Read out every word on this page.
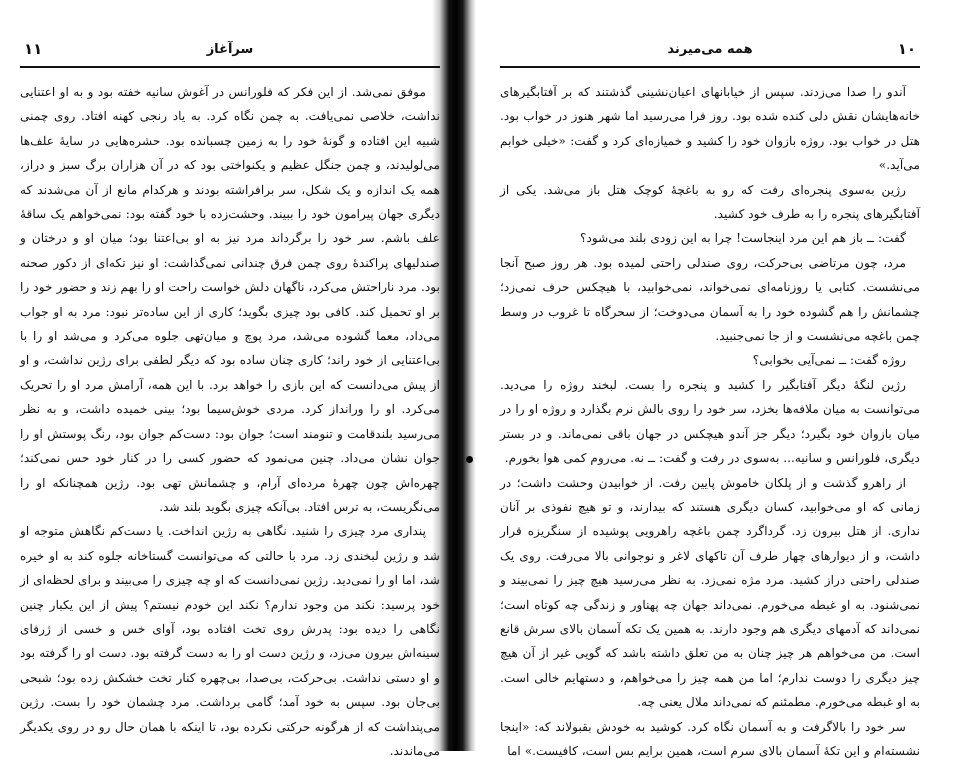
سرآغاز
۱۱

موفق نمی‌شد. از این فکر که فلورانس در آغوش سانیه خفته بود و به او اعتنایی نداشت، خلاصی نمی‌یافت. به چمن نگاه کرد. به یاد رنجی کهنه افتاد. روی چمنی شبیه این افتاده و گونهٔ خود را به زمین چسبانده بود. حشره‌هایی در سایهٔ علف‌ها می‌لولیدند، و چمن جنگل عظیم و یکنواختی بود که در آن هزاران برگ سبز و دراز، همه یک اندازه و یک شکل، سر برافراشته بودند و هرکدام مانع از آن می‌شدند که دیگری جهان پیرامون خود را ببیند. وحشت‌زده با خود گفته بود: نمی‌خواهم یک ساقهٔ علف باشم. سر خود را برگرداند مرد نیز به او بی‌اعتنا بود؛ میان او و درختان و صندلیهای پراکندهٔ روی چمن فرق چندانی نمی‌گذاشت: او نیز تکه‌ای از دکور صحنه بود. مرد ناراحتش می‌کرد، ناگهان دلش خواست راحت او را بهم زند و حضور خود را بر او تحمیل کند. کافی بود چیزی بگوید؛ کاری از این ساده‌تر نبود: مرد به او جواب می‌داد، معما گشوده می‌شد، مرد پوچ و میان‌تهی جلوه می‌کرد و می‌شد او را با بی‌اعتنایی از خود راند؛ کاری چنان ساده بود که دیگر لطفی برای رژین نداشت، و او از پیش می‌دانست که این بازی را خواهد برد. با این همه، آرامش مرد او را تحریک می‌کرد. او را ورانداز کرد. مردی خوش‌سیما بود؛ بینی خمیده داشت، و به نظر می‌رسید بلندقامت و تنومند است؛ جوان بود: دست‌کم جوان بود، رنگ پوستش او را جوان نشان می‌داد. چنین می‌نمود که حضور کسی را در کنار خود حس نمی‌کند؛ چهره‌اش چون چهرهٔ مرده‌ای آرام، و چشمانش تهی بود. رژین همچنانکه او را می‌نگریست، به ترس افتاد. بی‌آنکه چیزی بگوید بلند شد.

پنداری مرد چیزی را شنید. نگاهی به رژین انداخت. یا دست‌کم نگاهش متوجه او شد و رژین لبخندی زد. مرد با حالتی که می‌توانست گستاخانه جلوه کند به او خیره شد، اما او را نمی‌دید. رژین نمی‌دانست که او چه چیزی را می‌بیند و برای لحظه‌ای از خود پرسید: نکند من وجود ندارم؟ نکند این خودم نیستم؟ پیش از این یکبار چنین نگاهی را دیده بود: پدرش روی تخت افتاده بود، آوای خس و خسی از ژرفای سینه‌اش بیرون می‌زد، و رژین دست او را به دست گرفته بود. دست او را گرفته بود و او دستی نداشت. بی‌حرکت، بی‌صدا، بی‌چهره کنار تخت خشکش زده بود؛ شبحی بی‌جان بود. سپس به خود آمد؛ گامی برداشت. مرد چشمان خود را بست. رژین می‌پنداشت که از هرگونه حرکتی نکرده بود، تا اینکه با همان حال رو در روی یکدیگر می‌ماندند.

همه می‌میرند	۱۰

آندو را صدا می‌زدند. سپس از خیابانهای اعیان‌نشینی گذشتند که بر آفتابگیرهای خانه‌هایشان نقش دلی کنده شده بود. روز فرا می‌رسید اما شهر هنوز در خواب بود. هتل در خواب بود. روژه بازوان خود را کشید و خمیازه‌ای کرد و گفت: «خیلی خوابم می‌آید.»

رژین به‌سوی پنجره‌ای رفت که رو به باغچهٔ کوچک هتل باز می‌شد. یکی از آفتابگیرهای پنجره را به طرف خود کشید.

گفت: ــ باز هم این مرد اینجاست! چرا به این زودی بلند می‌شود؟

مرد، چون مرتاضی بی‌حرکت، روی صندلی راحتی لمیده بود. هر روز صبح آنجا می‌نشست. کتابی یا روزنامه‌ای نمی‌خواند، نمی‌خوابید، با هیچکس حرف نمی‌زد؛ چشمانش را هم گشوده خود را به آسمان می‌دوخت؛ از سحرگاه تا غروب در وسط چمن باغچه می‌نشست و از جا نمی‌جنبید.

روژه گفت: ــ نمی‌آیی بخوابی؟

رژین لنگهٔ دیگر آفتابگیر را کشید و پنجره را بست. لبخند روژه را می‌دید. می‌توانست به میان ملافه‌ها بخزد، سر خود را روی بالش نرم بگذارد و روژه او را در میان بازوان خود بگیرد؛ دیگر جز آندو هیچکس در جهان باقی نمی‌ماند. و در بستر دیگری، فلورانس و سانیه... به‌سوی در رفت و گفت: ــ نه. می‌روم کمی هوا بخورم.

از راهرو گذشت و از پلکان خاموش پایین رفت. از خوابیدن وحشت داشت؛ در زمانی که او می‌خوابید، کسان دیگری هستند که بیدارند، و تو هیچ نفوذی بر آنان نداری. از هتل بیرون زد. گرداگرد چمن باغچه راهرویی پوشیده از سنگریزه قرار داشت، و از دیوارهای چهار طرف آن تاکهای لاغر و نوجوانی بالا می‌رفت. روی یک صندلی راحتی دراز کشید. مرد مژه نمی‌زد. به نظر می‌رسید هیچ چیز را نمی‌بیند و نمی‌شنود. به او غبطه می‌خورم. نمی‌داند جهان چه پهناور و زندگی چه کوتاه است؛ نمی‌داند که آدمهای دیگری هم وجود دارند. به همین یک تکه آسمان بالای سرش قانع است. من می‌خواهم هر چیز چنان به من تعلق داشته باشد که گویی غیر از آن هیچ چیز دیگری را دوست ندارم؛ اما من همه چیز را می‌خواهم، و دستهایم خالی است. به او غبطه می‌خورم. مطمئنم که نمی‌داند ملال یعنی چه.

سر خود را بالاگرفت و به آسمان نگاه کرد. کوشید به خودش بقبولاند که: «اینجا نشسته‌ام و این تکهٔ آسمان بالای سرم است، همین برایم بس است، کافیست.» اما
